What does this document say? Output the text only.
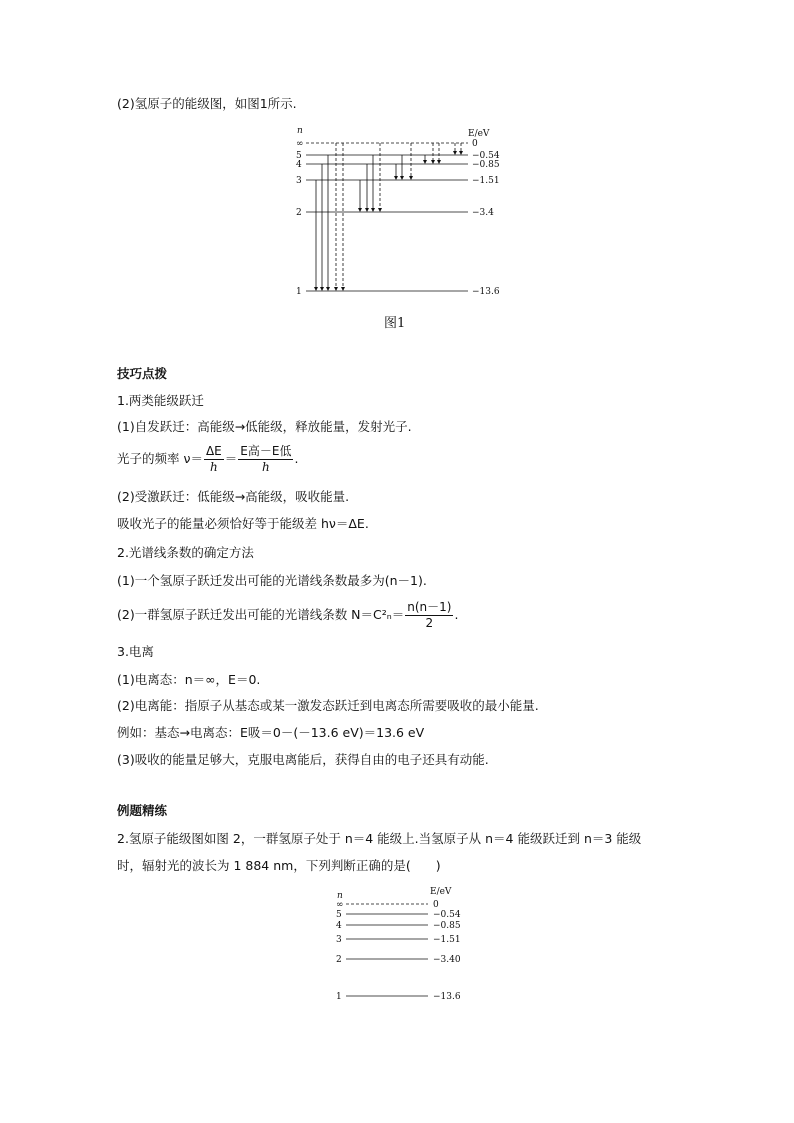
(2)氢原子的能级图，如图1所示.
n	E/eV
∞	0
5	−0.54
4	−0.85
3	−1.51
2	−3.4
1	−13.6
图1
技巧点拨
1.两类能级跃迁
(1)自发跃迁：高能级→低能级，释放能量，发射光子.
光子的频率 $\nu= \frac{\Delta E}{h} = \frac{\text{E高－E低}}{h}$ .
(2)受激跃迁：低能级→高能级，吸收能量.
吸收光子的能量必须恰好等于能级差 hν＝ΔE.
2.光谱线条数的确定方法
(1)一个氢原子跃迁发出可能的光谱线条数最多为(n－1).
(2)一群氢原子跃迁发出可能的光谱线条数 $N=C^2_n= \frac{n(n-1)}{2}$ .
3.电离
(1)电离态：n＝∞，E＝0.
(2)电离能：指原子从基态或某一激发态跃迁到电离态所需要吸收的最小能量.
例如：基态→电离态：E吸＝0－(－13.6 eV)＝13.6 eV
(3)吸收的能量足够大，克服电离能后，获得自由的电子还具有动能.
例题精练
2.氢原子能级图如图 2，一群氢原子处于 n＝4 能级上.当氢原子从 n＝4 能级跃迁到 n＝3 能级
时，辐射光的波长为 1 884 nm，下列判断正确的是(　　)
n	E/eV
∞	0
5	−0.54
4	−0.85
3	−1.51
2	−3.40
1	−13.6
